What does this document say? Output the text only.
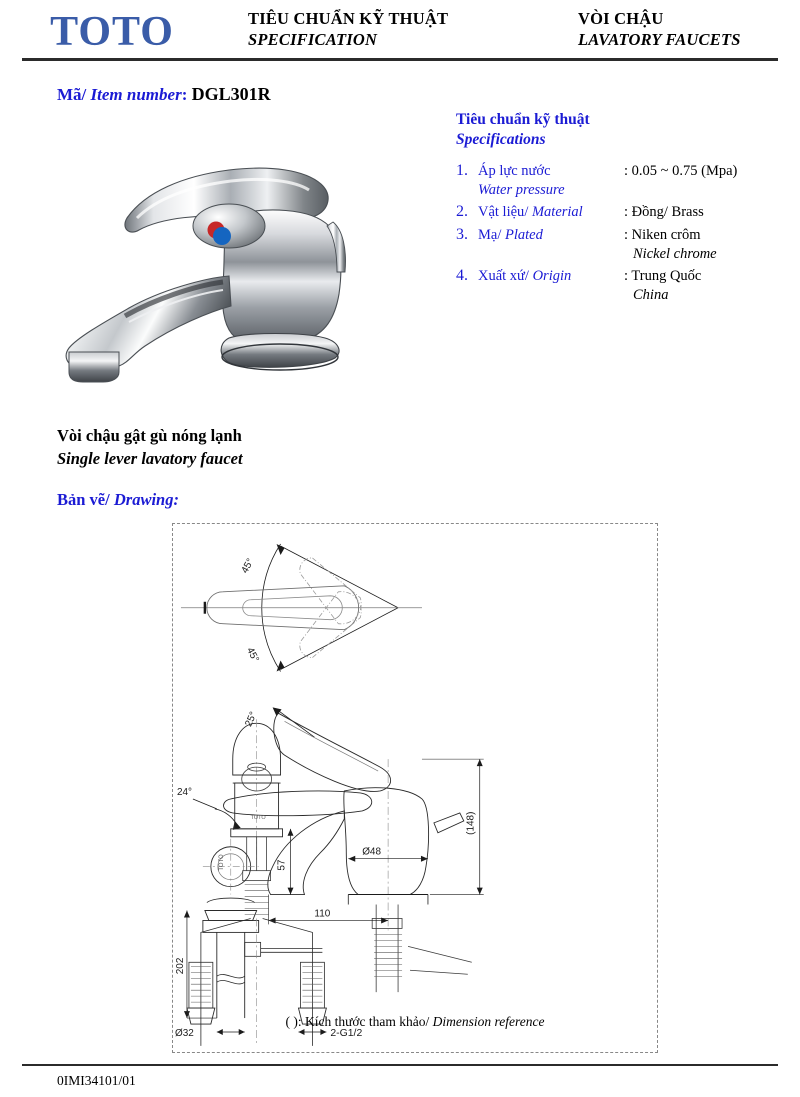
TOTO	TIÊU CHUẨN KỸ THUẬT
SPECIFICATION
VÒI CHẬU
LAVATORY FAUCETS
Mã/ Item number: DGL301R
Tiêu chuẩn kỹ thuật
Specifications
1. Áp lực nước
Water pressure
: 0.05 ~ 0.75 (Mpa)
2. Vật liệu/ Material	: Đồng/ Brass
3. Mạ/ Plated	: Niken crôm
Nickel chrome
4. Xuất xứ/ Origin	: Trung Quốc
China
Vòi chậu gật gù nóng lạnh
Single lever lavatory faucet
Bản vẽ/ Drawing:
45°
45°
25°
24°
Ø48
57
(148)
110
TOTO
202
Ø32
TOTO
2-G1/2
( ): Kích thước tham khảo/ Dimension reference
0IMI34101/01
